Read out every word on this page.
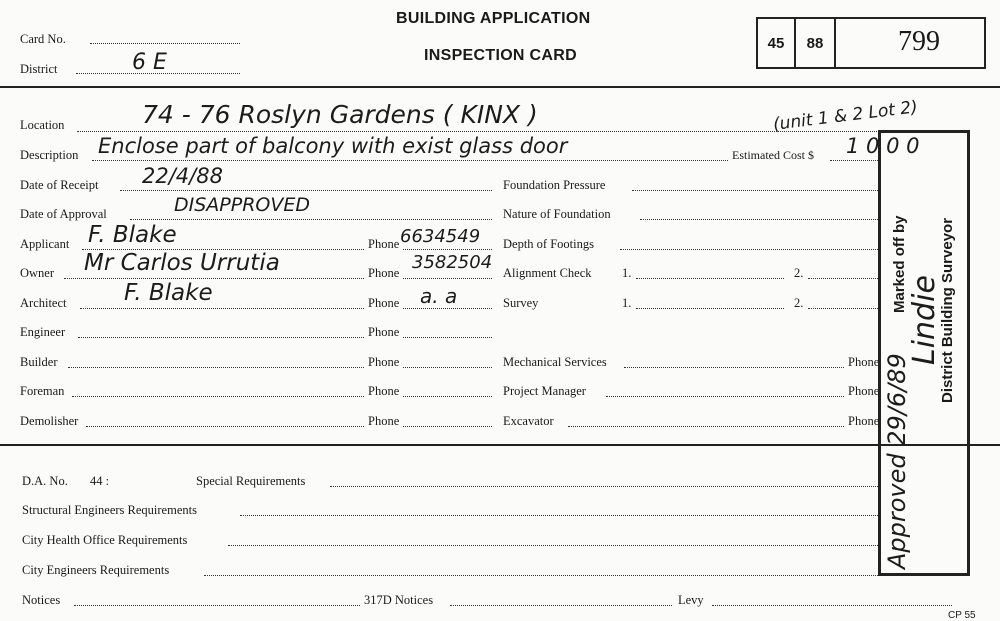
Card No.
District	6 E
BUILDING APPLICATION
INSPECTION CARD
45	88	799
Location	74 - 76 Roslyn Gardens ( KINX )	(unit 1 & 2 Lot 2)
Description Enclose part of balcony with exist glass door	Estimated Cost $ 1 0 0 0
Date of Receipt 22/4/88
Date of Approval	DISAPPROVED
Applicant F. Blake	Phone 6634549
Owner Mr Carlos Urrutia	Phone 3582504
Architect F. Blake	Phone a. a
Engineer	Phone
Builder	Phone
Foreman	Phone
Demolisher	Phone
Foundation Pressure
Nature of Foundation
Depth of Footings
Alignment Check 1.	2.
Survey	1.	2.
Mechanical Services	Phone
Project Manager	Phone
Excavator	Phone
D.A. No. 44 :	Special Requirements
Structural Engineers Requirements
City Health Office Requirements
City Engineers Requirements
Notices	317D Notices	Levy
CP 55
Marked off by District Building Surveyor
Lindie
Approved 29/6/89
